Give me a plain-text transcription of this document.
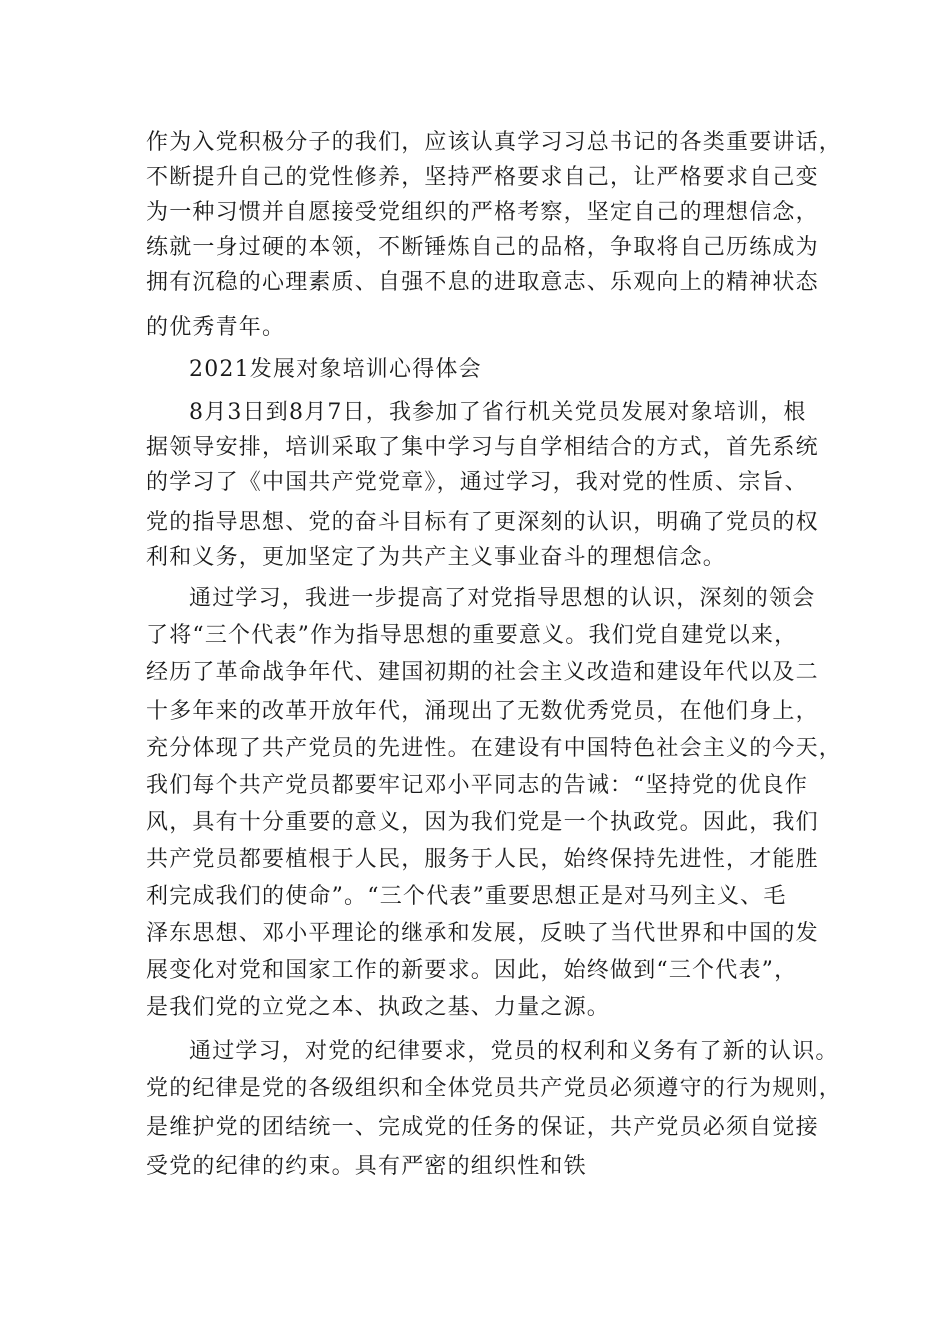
作为入党积极分子的我们，应该认真学习习总书记的各类重要讲话，
不断提升自己的党性修养，坚持严格要求自己，让严格要求自己变
为一种习惯并自愿接受党组织的严格考察，坚定自己的理想信念，
练就一身过硬的本领，不断锤炼自己的品格，争取将自己历练成为
拥有沉稳的心理素质、自强不息的进取意志、乐观向上的精神状态
的优秀青年。
2021发展对象培训心得体会
8月3日到8月7日，我参加了省行机关党员发展对象培训，根
据领导安排，培训采取了集中学习与自学相结合的方式，首先系统
的学习了《中国共产党党章》，通过学习，我对党的性质、宗旨、
党的指导思想、党的奋斗目标有了更深刻的认识，明确了党员的权
利和义务，更加坚定了为共产主义事业奋斗的理想信念。
通过学习，我进一步提高了对党指导思想的认识，深刻的领会
了将“三个代表”作为指导思想的重要意义。我们党自建党以来，
经历了革命战争年代、建国初期的社会主义改造和建设年代以及二
十多年来的改革开放年代，涌现出了无数优秀党员，在他们身上，
充分体现了共产党员的先进性。在建设有中国特色社会主义的今天，
我们每个共产党员都要牢记邓小平同志的告诫：“坚持党的优良作
风，具有十分重要的意义，因为我们党是一个执政党。因此，我们
共产党员都要植根于人民，服务于人民，始终保持先进性，才能胜
利完成我们的使命”。“三个代表”重要思想正是对马列主义、毛
泽东思想、邓小平理论的继承和发展，反映了当代世界和中国的发
展变化对党和国家工作的新要求。因此，始终做到“三个代表”，
是我们党的立党之本、执政之基、力量之源。
通过学习，对党的纪律要求，党员的权利和义务有了新的认识。
党的纪律是党的各级组织和全体党员共产党员必须遵守的行为规则，
是维护党的团结统一、完成党的任务的保证，共产党员必须自觉接
受党的纪律的约束。具有严密的组织性和铁
